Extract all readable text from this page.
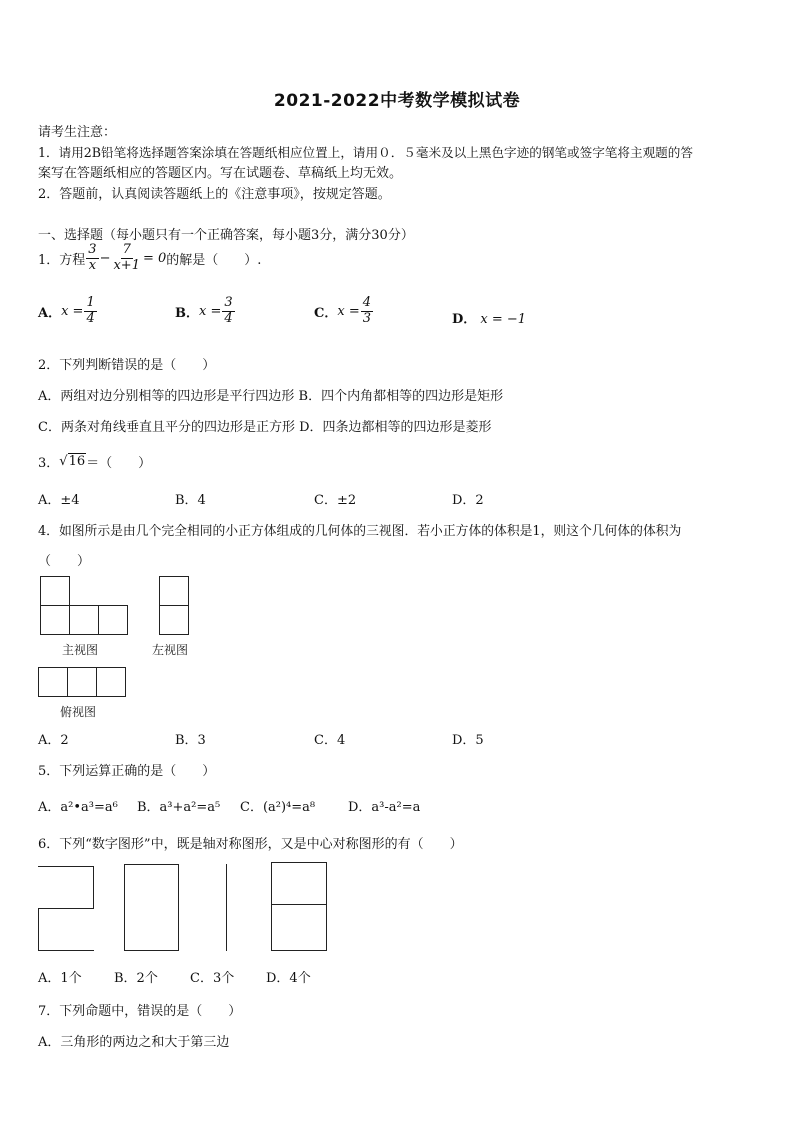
2021-2022中考数学模拟试卷
请考生注意：
1．请用2B铅笔将选择题答案涂填在答题纸相应位置上，请用０．５毫米及以上黑色字迹的钢笔或签字笔将主观题的答
案写在答题纸相应的答题区内。写在试题卷、草稿纸上均无效。
2．答题前，认真阅读答题纸上的《注意事项》，按规定答题。
一、选择题（每小题只有一个正确答案，每小题3分，满分30分）
1．方程 $\frac{3}{x} - \frac{7}{x+1} = 0$ 的解是（　　）.
A． $x = \frac{1}{4}$	B． $x = \frac{3}{4}$	C． $x = \frac{4}{3}$	D． x = −1
2．下列判断错误的是（　　）
A．两组对边分别相等的四边形是平行四边形 B．四个内角都相等的四边形是矩形
C．两条对角线垂直且平分的四边形是正方形 D．四条边都相等的四边形是菱形
3． √16 ＝（　　）
A．±4	B．4	C．±2	D．2
4．如图所示是由几个完全相同的小正方体组成的几何体的三视图．若小正方体的体积是1，则这个几何体的体积为
（　　）
主视图	左视图
俯视图
A．2	B．3	C．4	D．5
5．下列运算正确的是（　　）
A．a²•a³=a⁶ B．a³+a²=a⁵ C．(a²)⁴=a⁸	D．a³-a²=a
6．下列“数字图形”中，既是轴对称图形，又是中心对称图形的有（　　）
A．1个 B．2个 C．3个 D．4个
7．下列命题中，错误的是（　　）
A．三角形的两边之和大于第三边
